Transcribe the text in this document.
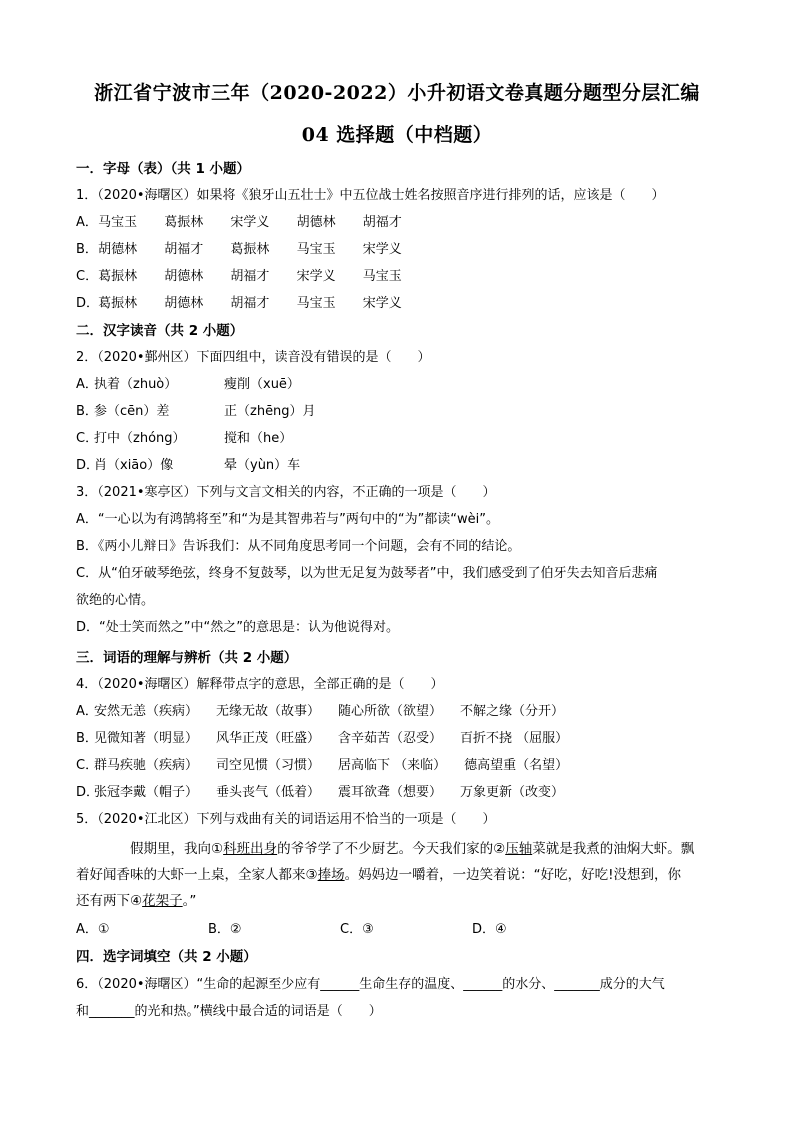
浙江省宁波市三年（2020-2022）小升初语文卷真题分题型分层汇编
04 选择题（中档题）
一．字母（表）（共 1 小题）
1．（2020•海曙区）如果将《狼牙山五壮士》中五位战士姓名按照音序进行排列的话，应该是（　　）
A． 马宝玉 葛振林 宋学义 胡德林 胡福才
B． 胡德林 胡福才 葛振林 马宝玉 宋学义
C． 葛振林 胡德林 胡福才 宋学义 马宝玉
D． 葛振林 胡德林 胡福才 马宝玉 宋学义
二．汉字读音（共 2 小题）
2．（2020•鄞州区）下面四组中，读音没有错误的是（　　）
A．执着（zhuò）	瘦削（xuē）
B．参（cēn）差	正（zhēng）月
C．打中（zhóng）	搅和（he）
D．肖（xiāo）像	晕（yùn）车
3．（2021•寒亭区）下列与文言文相关的内容，不正确的一项是（　　）
A．“一心以为有鸿鹄将至”和“为是其智弗若与”两句中的“为”都读“wèi”。
B．《两小儿辩日》告诉我们：从不同角度思考同一个问题，会有不同的结论。
C．从“伯牙破琴绝弦，终身不复鼓琴，以为世无足复为鼓琴者”中，我们感受到了伯牙失去知音后悲痛
欲绝的心情。
D．“处士笑而然之”中“然之”的意思是：认为他说得对。
三．词语的理解与辨析（共 2 小题）
4．（2020•海曙区）解释带点字的意思，全部正确的是（　　）
A．安然无恙（疾病） 无缘无故（故事） 随心所欲（欲望） 不解之缘（分开）
B．见微知著（明显） 风华正茂（旺盛） 含辛茹苦（忍受） 百折不挠 （屈服）
C．群马疾驰（疾病） 司空见惯（习惯） 居高临下 （来临） 德高望重（名望）
D．张冠李戴（帽子） 垂头丧气（低着） 震耳欲聋（想要） 万象更新（改变）
5．（2020•江北区）下列与戏曲有关的词语运用不恰当的一项是（　　）
假期里，我向①科班出身的爷爷学了不少厨艺。今天我们家的②压轴菜就是我煮的油焖大虾。飘
着好闻香味的大虾一上桌，全家人都来③捧场。妈妈边一嚼着，一边笑着说：“好吃，好吃!没想到，你
还有两下④花架子。”
A．①	B．②	C．③	D．④
四．选字词填空（共 2 小题）
6．（2020•海曙区）“生命的起源至少应有______生命生存的温度、______的水分、_______成分的大气
和_______的光和热。”横线中最合适的词语是（　　）
